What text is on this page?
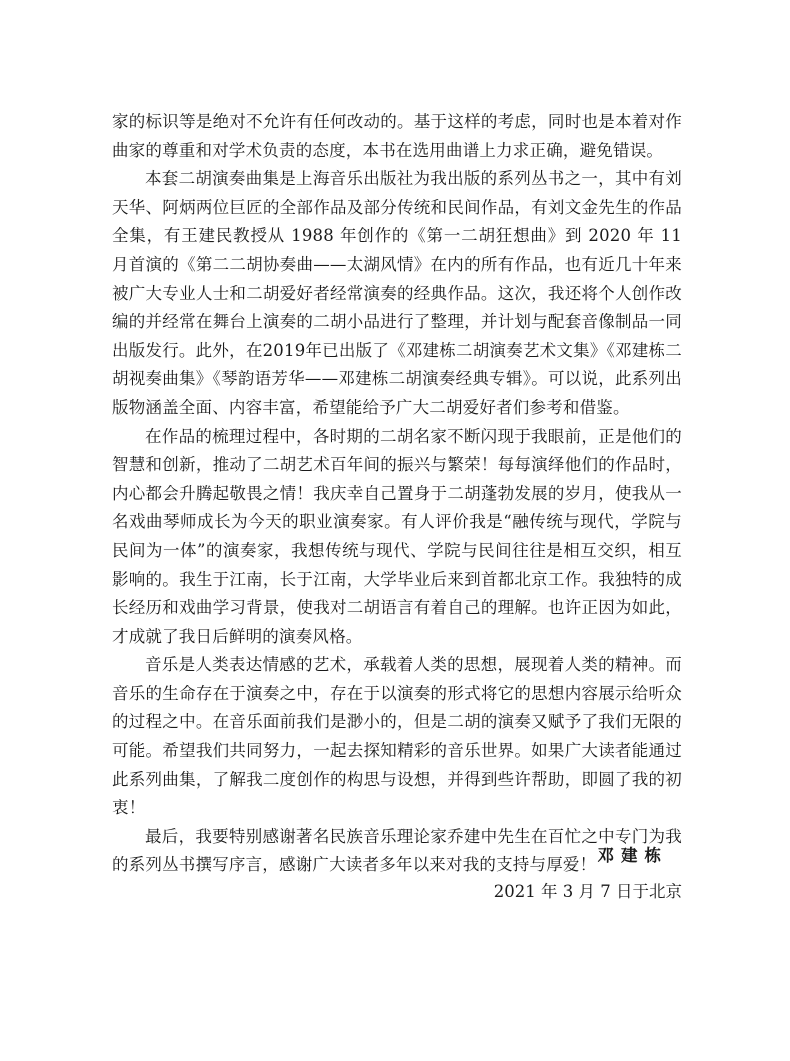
家的标识等是绝对不允许有任何改动的。基于这样的考虑，同时也是本着对作曲家的尊重和对学术负责的态度，本书在选用曲谱上力求正确，避免错误。

本套二胡演奏曲集是上海音乐出版社为我出版的系列丛书之一，其中有刘天华、阿炳两位巨匠的全部作品及部分传统和民间作品，有刘文金先生的作品全集，有王建民教授从 1988 年创作的《第一二胡狂想曲》到 2020 年 11 月首演的《第二二胡协奏曲——太湖风情》在内的所有作品，也有近几十年来被广大专业人士和二胡爱好者经常演奏的经典作品。这次，我还将个人创作改编的并经常在舞台上演奏的二胡小品进行了整理，并计划与配套音像制品一同出版发行。此外，在2019年已出版了《邓建栋二胡演奏艺术文集》《邓建栋二胡视奏曲集》《琴韵语芳华——邓建栋二胡演奏经典专辑》。可以说，此系列出版物涵盖全面、内容丰富，希望能给予广大二胡爱好者们参考和借鉴。

在作品的梳理过程中，各时期的二胡名家不断闪现于我眼前，正是他们的智慧和创新，推动了二胡艺术百年间的振兴与繁荣！每每演绎他们的作品时，内心都会升腾起敬畏之情！我庆幸自己置身于二胡蓬勃发展的岁月，使我从一名戏曲琴师成长为今天的职业演奏家。有人评价我是“融传统与现代，学院与民间为一体”的演奏家，我想传统与现代、学院与民间往往是相互交织，相互影响的。我生于江南，长于江南，大学毕业后来到首都北京工作。我独特的成长经历和戏曲学习背景，使我对二胡语言有着自己的理解。也许正因为如此，才成就了我日后鲜明的演奏风格。

音乐是人类表达情感的艺术，承载着人类的思想，展现着人类的精神。而音乐的生命存在于演奏之中，存在于以演奏的形式将它的思想内容展示给听众的过程之中。在音乐面前我们是渺小的，但是二胡的演奏又赋予了我们无限的可能。希望我们共同努力，一起去探知精彩的音乐世界。如果广大读者能通过此系列曲集，了解我二度创作的构思与设想，并得到些许帮助，即圆了我的初衷！

最后，我要特别感谢著名民族音乐理论家乔建中先生在百忙之中专门为我的系列丛书撰写序言，感谢广大读者多年以来对我的支持与厚爱！ 邓建栋

2021 年 3 月 7 日于北京
